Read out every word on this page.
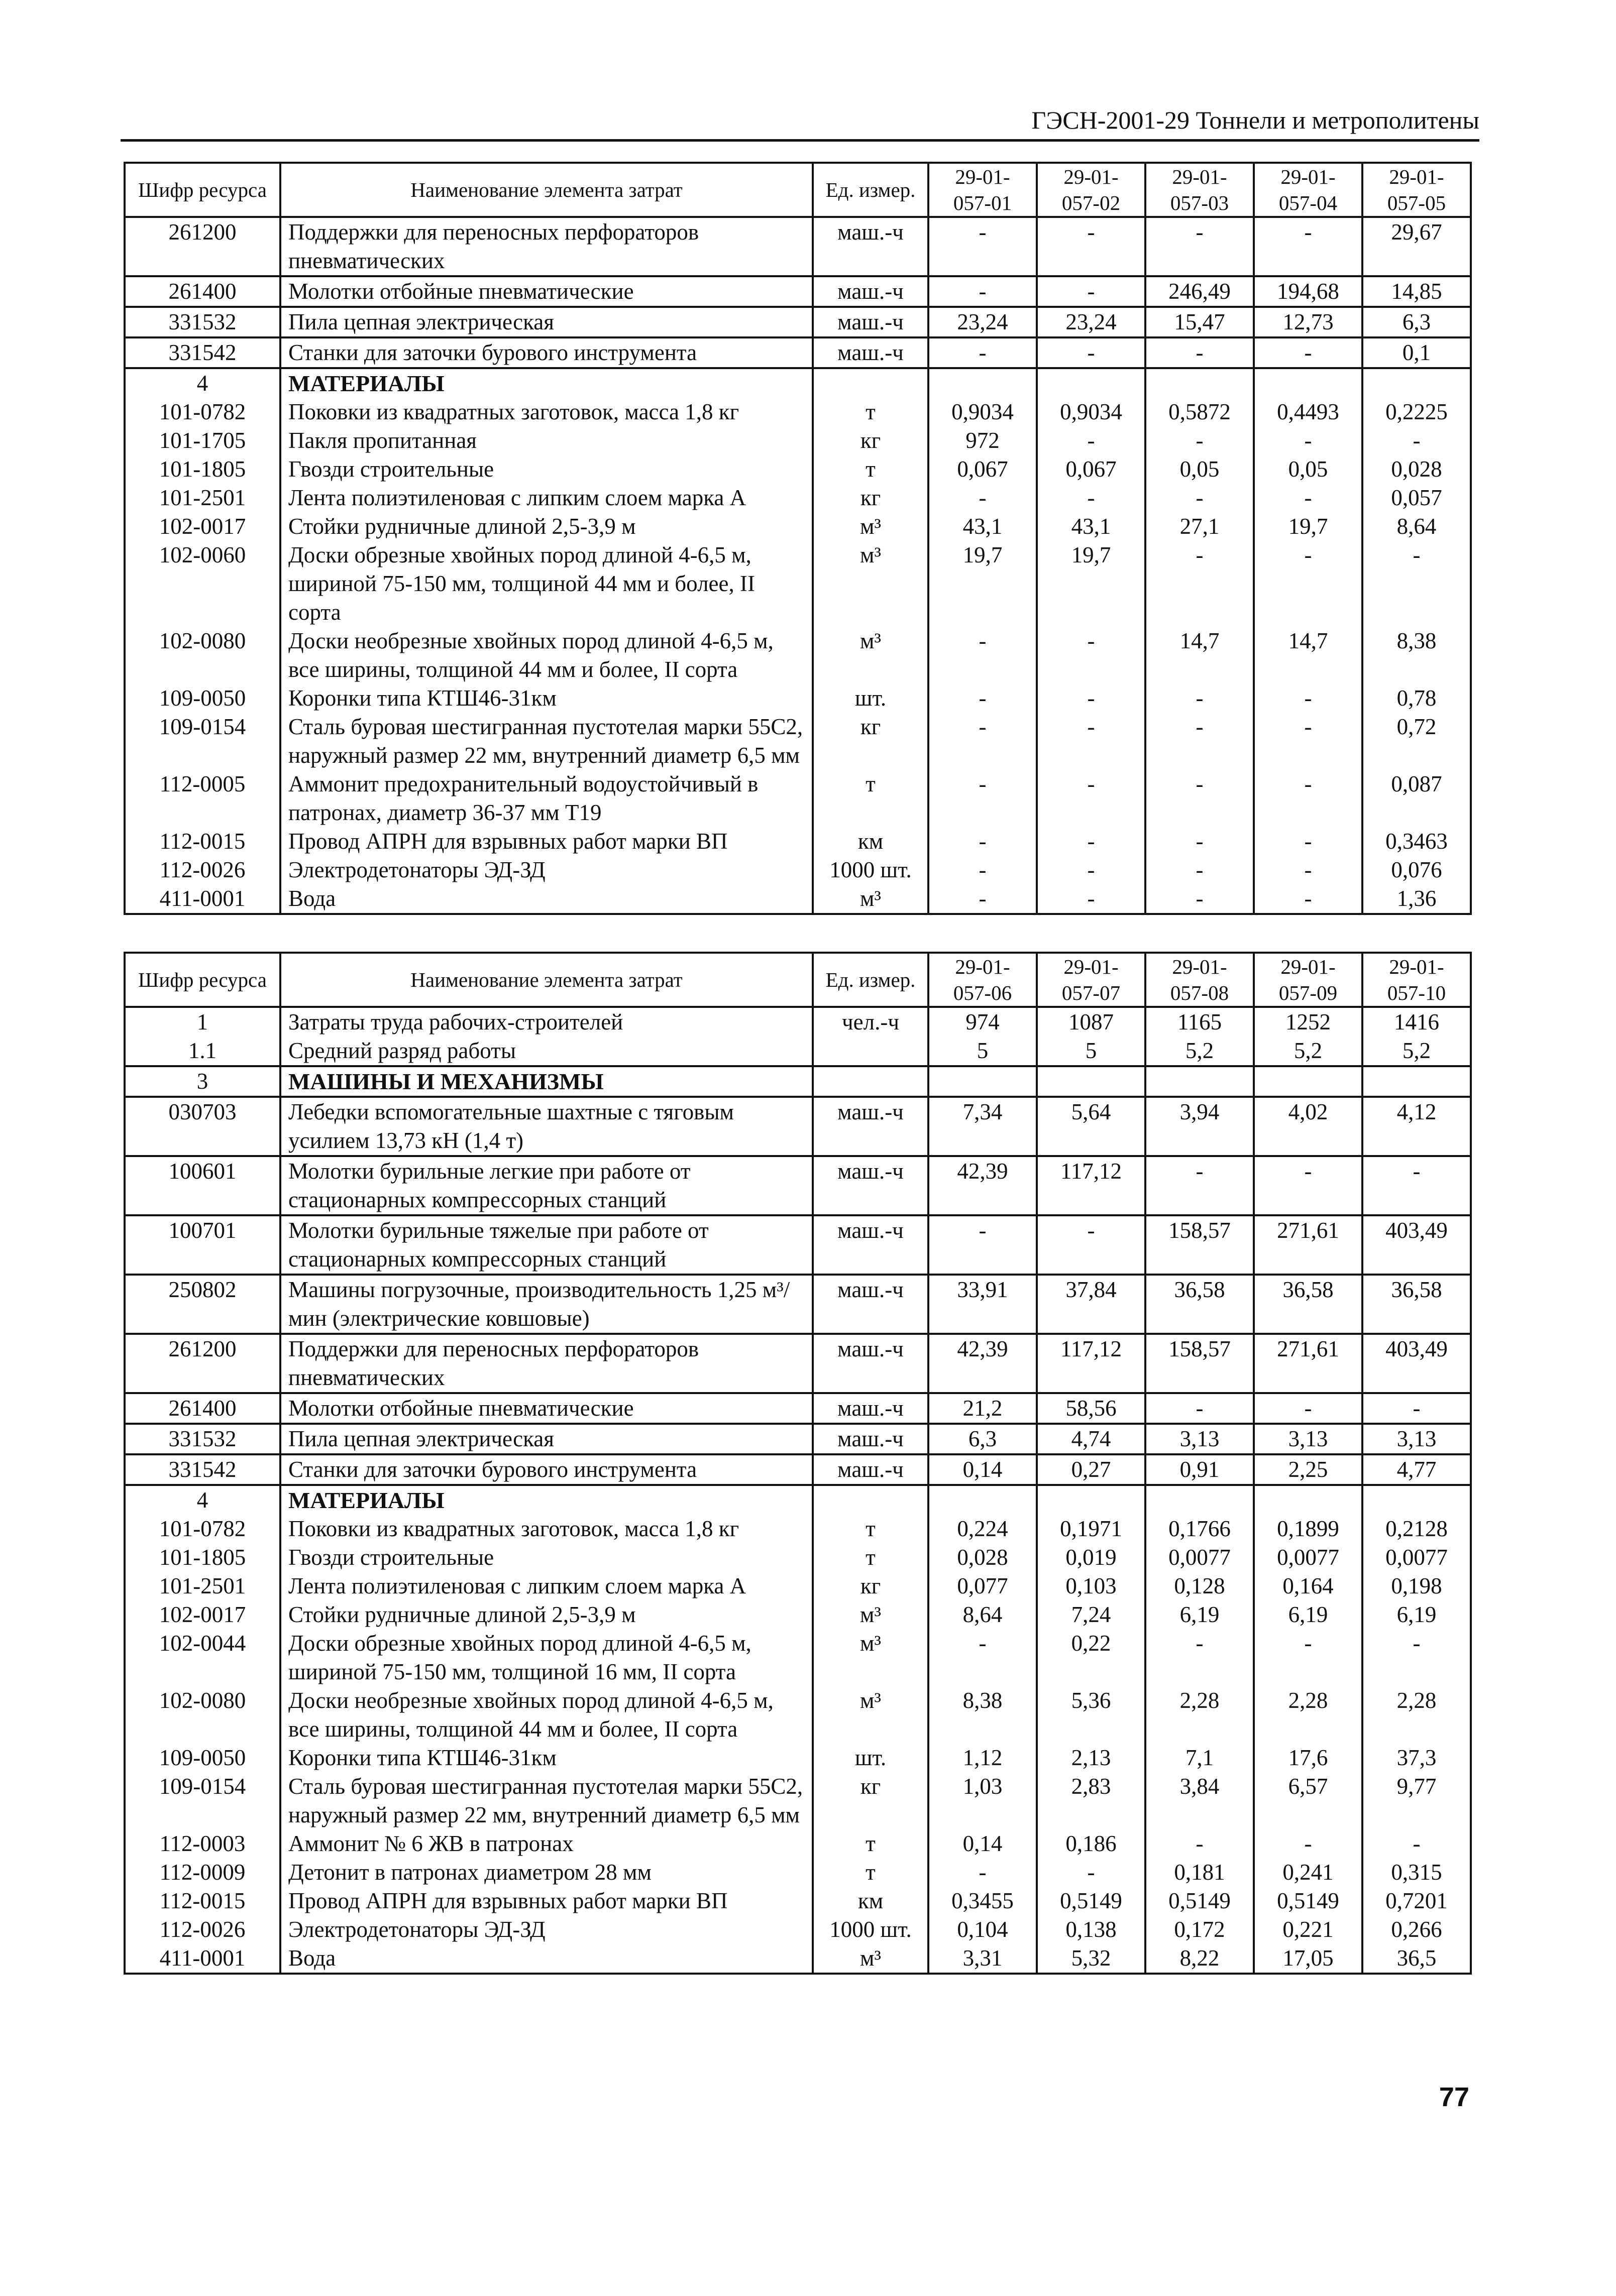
ГЭСН-2001-29 Тоннели и метрополитены
Шифр ресурса	Наименование элемента затрат	Ед. измер.	29-01-057-01	29-01-057-02	29-01-057-03	29-01-057-04	29-01-057-05
261200	Поддержки для переносных перфораторов пневматических	маш.-ч	-	-	-	-	29,67
261400	Молотки отбойные пневматические	маш.-ч	-	-	246,49	194,68	14,85
331532	Пила цепная электрическая	маш.-ч	23,24	23,24	15,47	12,73	6,3
331542	Станки для заточки бурового инструмента	маш.-ч	-	-	-	-	0,1
4	МАТЕРИАЛЫ						
101-0782	Поковки из квадратных заготовок, масса 1,8 кг	т	0,9034	0,9034	0,5872	0,4493	0,2225
101-1705	Пакля пропитанная	кг	972	-	-	-	-
101-1805	Гвозди строительные	т	0,067	0,067	0,05	0,05	0,028
101-2501	Лента полиэтиленовая с липким слоем марка А	кг	-	-	-	-	0,057
102-0017	Стойки рудничные длиной 2,5-3,9 м	м³	43,1	43,1	27,1	19,7	8,64
102-0060	Доски обрезные хвойных пород длиной 4-6,5 м, шириной 75-150 мм, толщиной 44 мм и более, II сорта	м³	19,7	19,7	-	-	-
102-0080	Доски необрезные хвойных пород длиной 4-6,5 м, все ширины, толщиной 44 мм и более, II сорта	м³	-	-	14,7	14,7	8,38
109-0050	Коронки типа КТШ46-31км	шт.	-	-	-	-	0,78
109-0154	Сталь буровая шестигранная пустотелая марки 55С2, наружный размер 22 мм, внутренний диаметр 6,5 мм	кг	-	-	-	-	0,72
112-0005	Аммонит предохранительный водоустойчивый в патронах, диаметр 36-37 мм Т19	т	-	-	-	-	0,087
112-0015	Провод АПРН для взрывных работ марки ВП	км	-	-	-	-	0,3463
112-0026	Электродетонаторы ЭД-ЗД	1000 шт.	-	-	-	-	0,076
411-0001	Вода	м³	-	-	-	-	1,36
Шифр ресурса	Наименование элемента затрат	Ед. измер.	29-01-057-06	29-01-057-07	29-01-057-08	29-01-057-09	29-01-057-10
1	Затраты труда рабочих-строителей	чел.-ч	974	1087	1165	1252	1416
1.1	Средний разряд работы		5	5	5,2	5,2	5,2
3	МАШИНЫ И МЕХАНИЗМЫ						
030703	Лебедки вспомогательные шахтные с тяговым усилием 13,73 кН (1,4 т)	маш.-ч	7,34	5,64	3,94	4,02	4,12
100601	Молотки бурильные легкие при работе от стационарных компрессорных станций	маш.-ч	42,39	117,12	-	-	-
100701	Молотки бурильные тяжелые при работе от стационарных компрессорных станций	маш.-ч	-	-	158,57	271,61	403,49
250802	Машины погрузочные, производительность 1,25 м³/мин (электрические ковшовые)	маш.-ч	33,91	37,84	36,58	36,58	36,58
261200	Поддержки для переносных перфораторов пневматических	маш.-ч	42,39	117,12	158,57	271,61	403,49
261400	Молотки отбойные пневматические	маш.-ч	21,2	58,56	-	-	-
331532	Пила цепная электрическая	маш.-ч	6,3	4,74	3,13	3,13	3,13
331542	Станки для заточки бурового инструмента	маш.-ч	0,14	0,27	0,91	2,25	4,77
4	МАТЕРИАЛЫ						
101-0782	Поковки из квадратных заготовок, масса 1,8 кг	т	0,224	0,1971	0,1766	0,1899	0,2128
101-1805	Гвозди строительные	т	0,028	0,019	0,0077	0,0077	0,0077
101-2501	Лента полиэтиленовая с липким слоем марка А	кг	0,077	0,103	0,128	0,164	0,198
102-0017	Стойки рудничные длиной 2,5-3,9 м	м³	8,64	7,24	6,19	6,19	6,19
102-0044	Доски обрезные хвойных пород длиной 4-6,5 м, шириной 75-150 мм, толщиной 16 мм, II сорта	м³	-	0,22	-	-	-
102-0080	Доски необрезные хвойных пород длиной 4-6,5 м, все ширины, толщиной 44 мм и более, II сорта	м³	8,38	5,36	2,28	2,28	2,28
109-0050	Коронки типа КТШ46-31км	шт.	1,12	2,13	7,1	17,6	37,3
109-0154	Сталь буровая шестигранная пустотелая марки 55С2, наружный размер 22 мм, внутренний диаметр 6,5 мм	кг	1,03	2,83	3,84	6,57	9,77
112-0003	Аммонит № 6 ЖВ в патронах	т	0,14	0,186	-	-	-
112-0009	Детонит в патронах диаметром 28 мм	т	-	-	0,181	0,241	0,315
112-0015	Провод АПРН для взрывных работ марки ВП	км	0,3455	0,5149	0,5149	0,5149	0,7201
112-0026	Электродетонаторы ЭД-ЗД	1000 шт.	0,104	0,138	0,172	0,221	0,266
411-0001	Вода	м³	3,31	5,32	8,22	17,05	36,5
77
